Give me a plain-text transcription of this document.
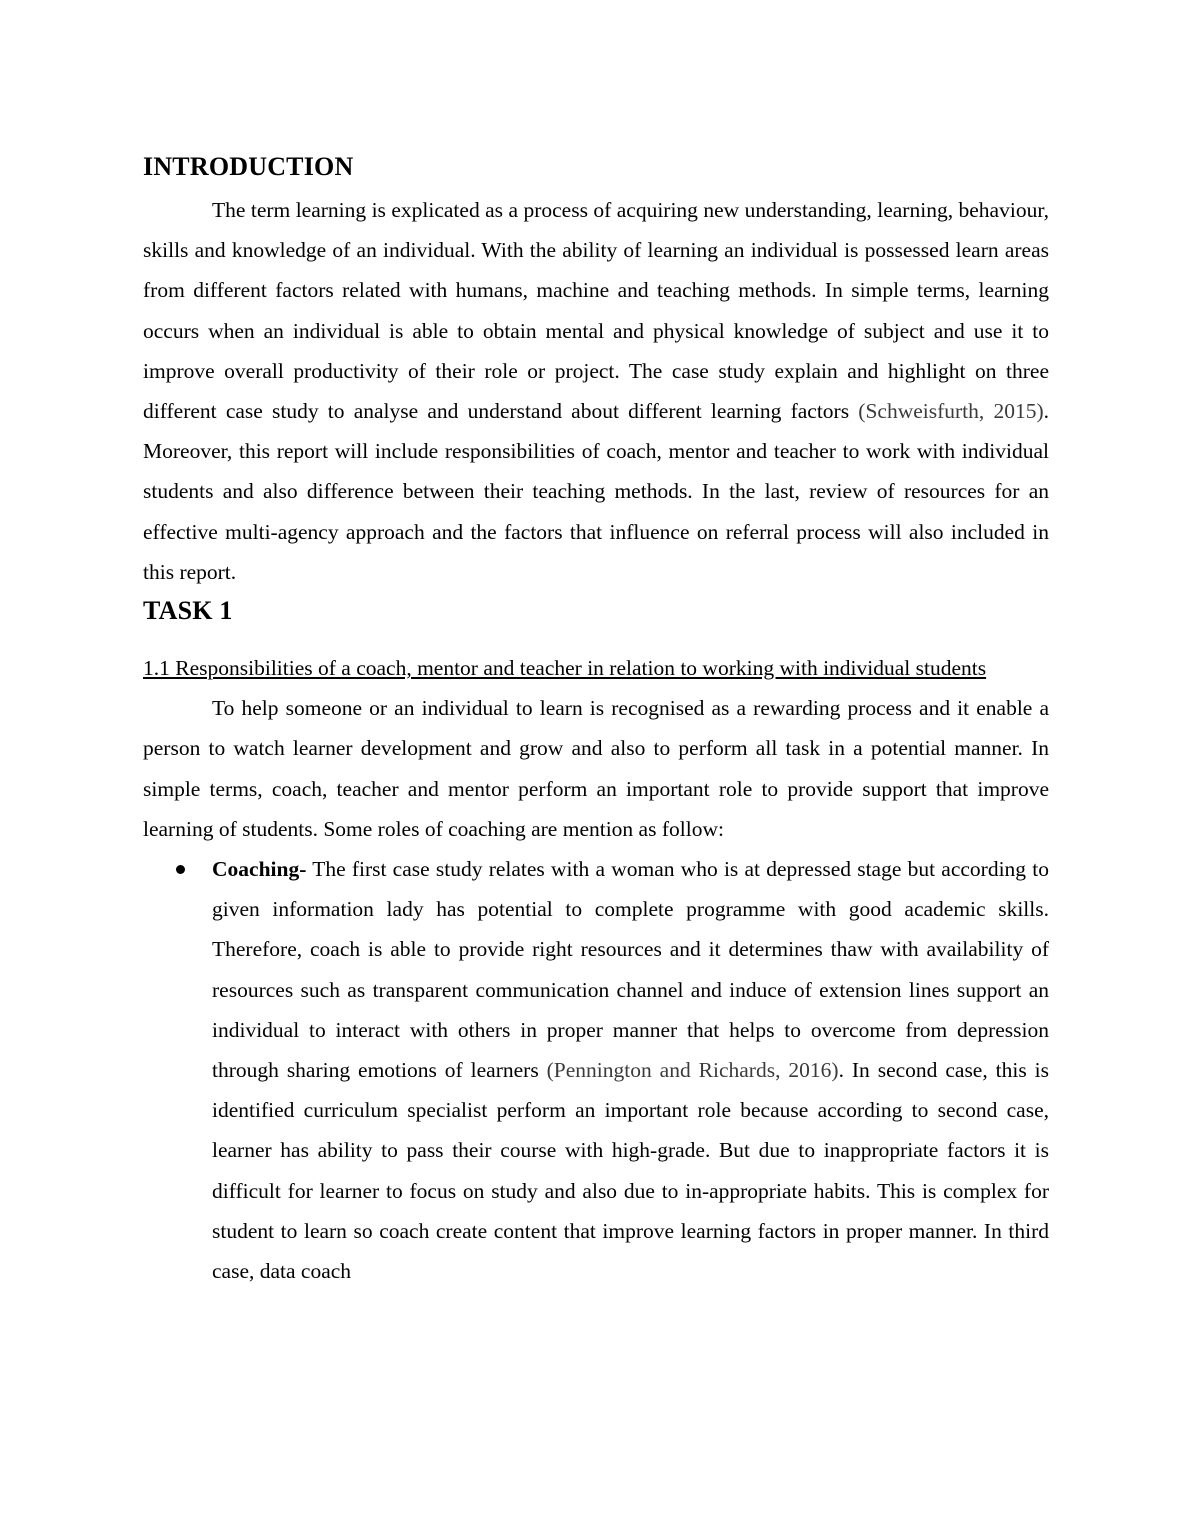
INTRODUCTION

The term learning is explicated as a process of acquiring new understanding, learning, behaviour, skills and knowledge of an individual. With the ability of learning an individual is possessed learn areas from different factors related with humans, machine and teaching methods. In simple terms, learning occurs when an individual is able to obtain mental and physical knowledge of subject and use it to improve overall productivity of their role or project. The case study explain and highlight on three different case study to analyse and understand about different learning factors (Schweisfurth, 2015). Moreover, this report will include responsibilities of coach, mentor and teacher to work with individual students and also difference between their teaching methods. In the last, review of resources for an effective multi-agency approach and the factors that influence on referral process will also included in this report.

TASK 1

1.1 Responsibilities of a coach, mentor and teacher in relation to working with individual students

To help someone or an individual to learn is recognised as a rewarding process and it enable a person to watch learner development and grow and also to perform all task in a potential manner. In simple terms, coach, teacher and mentor perform an important role to provide support that improve learning of students. Some roles of coaching are mention as follow:

Coaching- The first case study relates with a woman who is at depressed stage but according to given information lady has potential to complete programme with good academic skills. Therefore, coach is able to provide right resources and it determines thaw with availability of resources such as transparent communication channel and induce of extension lines support an individual to interact with others in proper manner that helps to overcome from depression through sharing emotions of learners (Pennington and Richards, 2016). In second case, this is identified curriculum specialist perform an important role because according to second case, learner has ability to pass their course with high-grade. But due to inappropriate factors it is difficult for learner to focus on study and also due to in-appropriate habits. This is complex for student to learn so coach create content that improve learning factors in proper manner. In third case, data coach
